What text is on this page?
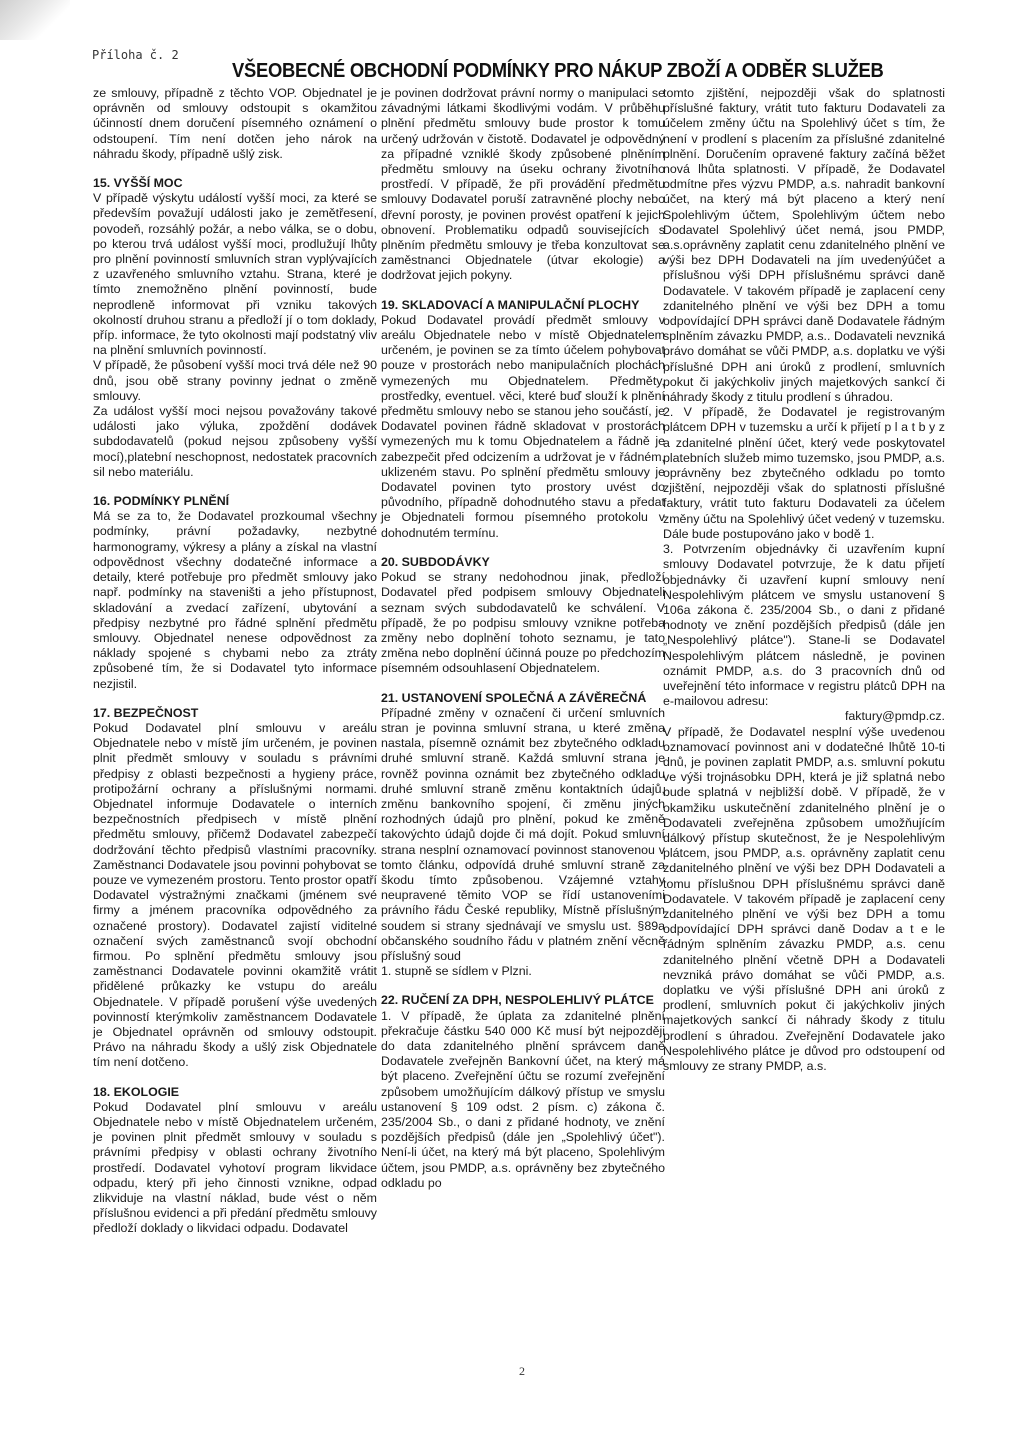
Příloha č. 2
VŠEOBECNÉ OBCHODNÍ PODMÍNKY PRO NÁKUP ZBOŽÍ A ODBĚR SLUŽEB

ze smlouvy, případně z těchto VOP. Objednatel je oprávněn od smlouvy odstoupit s okamžitou účinností dnem doručení písemného oznámení o odstoupení. Tím není dotčen jeho nárok na náhradu škody, případně ušlý zisk.

15. VYŠŠÍ MOC

V případě výskytu událostí vyšší moci, za které se především považují události jako je zemětřesení, povodeň, rozsáhlý požár, a nebo válka, se o dobu, po kterou trvá událost vyšší moci, prodlužují lhůty pro plnění povinností smluvních stran vyplývajících z uzavřeného smluvního vztahu. Strana, které je tímto znemožněno plnění povinností, bude neprodleně informovat při vzniku takových okolností druhou stranu a předloží jí o tom doklady, příp. informace, že tyto okolnosti mají podstatný vliv na plnění smluvních povinností.

V případě, že působení vyšší moci trvá déle než 90 dnů, jsou obě strany povinny jednat o změně smlouvy.

Za událost vyšší moci nejsou považovány takové události jako výluka, zpoždění dodávek subdodavatelů (pokud nejsou způsobeny vyšší mocí),platební neschopnost, nedostatek pracovních sil nebo materiálu.

16. PODMÍNKY PLNĚNÍ

Má se za to, že Dodavatel prozkoumal všechny podmínky, právní požadavky, nezbytné harmonogramy, výkresy a plány a získal na vlastní odpovědnost všechny dodatečné informace a detaily, které potřebuje pro předmět smlouvy jako např. podmínky na staveništi a jeho přístupnost, skladování a zvedací zařízení, ubytování a předpisy nezbytné pro řádné splnění předmětu smlouvy. Objednatel nenese odpovědnost za náklady spojené s chybami nebo za ztráty způsobené tím, že si Dodavatel tyto informace nezjistil.

17. BEZPEČNOST

Pokud Dodavatel plní smlouvu v areálu Objednatele nebo v místě jím určeném, je povinen plnit předmět smlouvy v souladu s právními předpisy z oblasti bezpečnosti a hygieny práce, protipožární ochrany a příslušnými normami. Objednatel informuje Dodavatele o interních bezpečnostních předpisech v místě plnění předmětu smlouvy, přičemž Dodavatel zabezpečí dodržování těchto předpisů vlastními pracovníky. Zaměstnanci Dodavatele jsou povinni pohybovat se pouze ve vymezeném prostoru. Tento prostor opatří Dodavatel výstražnými značkami (jménem své firmy a jménem pracovníka odpovědného za označené prostory). Dodavatel zajistí viditelné označení svých zaměstnanců svojí obchodní firmou. Po splnění předmětu smlouvy jsou zaměstnanci Dodavatele povinni okamžitě vrátit přidělené průkazky ke vstupu do areálu Objednatele. V případě porušení výše uvedených povinností kterýmkoliv zaměstnancem Dodavatele je Objednatel oprávněn od smlouvy odstoupit. Právo na náhradu škody a ušlý zisk Objednatele tím není dotčeno.

18. EKOLOGIE

Pokud Dodavatel plní smlouvu v areálu Objednatele nebo v místě Objednatelem určeném, je povinen plnit předmět smlouvy v souladu s právními předpisy v oblasti ochrany životního prostředí. Dodavatel vyhotoví program likvidace odpadu, který při jeho činnosti vznikne, odpad zlikviduje na vlastní náklad, bude vést o něm příslušnou evidenci a při předání předmětu smlouvy předloží doklady o likvidaci odpadu. Dodavatel

je povinen dodržovat právní normy o manipulaci se závadnými látkami škodlivými vodám. V průběhu plnění předmětu smlouvy bude prostor k tomu určený udržován v čistotě. Dodavatel je odpovědný za případné vzniklé škody způsobené plněním předmětu smlouvy na úseku ochrany životního prostředí. V případě, že při provádění předmětu smlouvy Dodavatel poruší zatravněné plochy nebo dřevní porosty, je povinen provést opatření k jejich obnovení. Problematiku odpadů souvisejících s plněním předmětu smlouvy je třeba konzultovat se zaměstnanci Objednatele (útvar ekologie) a dodržovat jejich pokyny.

19. SKLADOVACÍ A MANIPULAČNÍ PLOCHY

Pokud Dodavatel provádí předmět smlouvy v areálu Objednatele nebo v místě Objednatelem určeném, je povinen se za tímto účelem pohybovat pouze v prostorách nebo manipulačních plochách vymezených mu Objednatelem. Předměty, prostředky, eventuel. věci, které buď slouží k plnění předmětu smlouvy nebo se stanou jeho součástí, je Dodavatel povinen řádně skladovat v prostorách vymezených mu k tomu Objednatelem a řádně je zabezpečit před odcizením a udržovat je v řádném, uklizeném stavu. Po splnění předmětu smlouvy je Dodavatel povinen tyto prostory uvést do původního, případně dohodnutého stavu a předat je Objednateli formou písemného protokolu v dohodnutém termínu.

20. SUBDODÁVKY

Pokud se strany nedohodnou jinak, předloží Dodavatel před podpisem smlouvy Objednateli seznam svých subdodavatelů ke schválení. V případě, že po podpisu smlouvy vznikne potřeba změny nebo doplnění tohoto seznamu, je tato změna nebo doplnění účinná pouze po předchozím písemném odsouhlasení Objednatelem.

21. USTANOVENÍ SPOLEČNÁ A ZÁVĚREČNÁ

Případné změny v označení či určení smluvních stran je povinna smluvní strana, u které změna nastala, písemně oznámit bez zbytečného odkladu druhé smluvní straně. Každá smluvní strana je rovněž povinna oznámit bez zbytečného odkladu druhé smluvní straně změnu kontaktních údajů, změnu bankovního spojení, či změnu jiných rozhodných údajů pro plnění, pokud ke změně takovýchto údajů dojde či má dojít. Pokud smluvní strana nesplní oznamovací povinnost stanovenou v tomto článku, odpovídá druhé smluvní straně za škodu tímto způsobenou. Vzájemné vztahy neupravené těmito VOP se řídí ustanoveními právního řádu České republiky, Místně příslušným soudem si strany sjednávají ve smyslu ust. §89a občanského soudního řádu v platném znění věcně příslušný soud

1. stupně se sídlem v Plzni.

22. RUČENÍ ZA DPH, NESPOLEHLIVÝ PLÁTCE

1. V případě, že úplata za zdanitelné plnění překračuje částku 540 000 Kč musí být nejpozději do data zdanitelného plnění správcem daně Dodavatele zveřejněn Bankovní účet, na který má být placeno. Zveřejnění účtu se rozumí zveřejnění způsobem umožňujícím dálkový přístup ve smyslu ustanovení § 109 odst. 2 písm. c) zákona č. 235/2004 Sb., o dani z přidané hodnoty, ve znění pozdějších předpisů (dále jen „Spolehlivý účet"). Není-li účet, na který má být placeno, Spolehlivým účtem, jsou PMDP, a.s. oprávněny bez zbytečného odkladu po

tomto zjištění, nejpozději však do splatnosti příslušné faktury, vrátit tuto fakturu Dodavateli za účelem změny účtu na Spolehlivý účet s tím, že není v prodlení s placením za příslušné zdanitelné plnění. Doručením opravené faktury začíná běžet nová lhůta splatnosti. V případě, že Dodavatel odmítne přes výzvu PMDP, a.s. nahradit bankovní účet, na který má být placeno a který není Spolehlivým účtem, Spolehlivým účtem nebo Dodavatel Spolehlivý účet nemá, jsou PMDP, a.s.oprávněny zaplatit cenu zdanitelného plnění ve výši bez DPH Dodavateli na jím uvedenýúčet a příslušnou výši DPH příslušnému správci daně Dodavatele. V takovém případě je zaplacení ceny zdanitelného plnění ve výši bez DPH a tomu odpovídající DPH správci daně Dodavatele řádným splněním závazku PMDP, a.s.. Dodavateli nevzniká právo domáhat se vůči PMDP, a.s. doplatku ve výši příslušné DPH ani úroků z prodlení, smluvních pokut či jakýchkoliv jiných majetkových sankcí či náhrady škody z titulu prodlení s úhradou.

2. V případě, že Dodavatel je registrovaným plátcem DPH v tuzemsku a určí k přijetí p l a t b y z a zdanitelné plnění účet, který vede poskytovatel platebních služeb mimo tuzemsko, jsou PMDP, a.s. oprávněny bez zbytečného odkladu po tomto zjištění, nejpozději však do splatnosti příslušné faktury, vrátit tuto fakturu Dodavateli za účelem změny účtu na Spolehlivý účet vedený v tuzemsku. Dále bude postupováno jako v bodě 1.

3. Potvrzením objednávky či uzavřením kupní smlouvy Dodavatel potvrzuje, že k datu přijetí objednávky či uzavření kupní smlouvy není Nespolehlivým plátcem ve smyslu ustanovení § 106a zákona č. 235/2004 Sb., o dani z přidané hodnoty ve znění pozdějších předpisů (dále jen „Nespolehlivý plátce"). Stane-li se Dodavatel Nespolehlivým plátcem následně, je povinen oznámit PMDP, a.s. do 3 pracovních dnů od uveřejnění této informace v registru plátců DPH na e-mailovou adresu:

faktury@pmdp.cz.

V případě, že Dodavatel nesplní výše uvedenou oznamovací povinnost ani v dodatečné lhůtě 10-ti dnů, je povinen zaplatit PMDP, a.s. smluvní pokutu ve výši trojnásobku DPH, která je již splatná nebo bude splatná v nejbližší době. V případě, že v okamžiku uskutečnění zdanitelného plnění je o Dodavateli zveřejněna způsobem umožňujícím dálkový přístup skutečnost, že je Nespolehlivým plátcem, jsou PMDP, a.s. oprávněny zaplatit cenu zdanitelného plnění ve výši bez DPH Dodavateli a tomu příslušnou DPH příslušnému správci daně Dodavatele. V takovém případě je zaplacení ceny zdanitelného plnění ve výši bez DPH a tomu odpovídající DPH správci daně Dodav a t e le řádným splněním závazku PMDP, a.s. cenu zdanitelného plnění včetně DPH a Dodavateli nevzniká právo domáhat se vůči PMDP, a.s. doplatku ve výši příslušné DPH ani úroků z prodlení, smluvních pokut či jakýchkoliv jiných majetkových sankcí či náhrady škody z titulu prodlení s úhradou. Zveřejnění Dodavatele jako Nespolehlivého plátce je důvod pro odstoupení od smlouvy ze strany PMDP, a.s.

2
